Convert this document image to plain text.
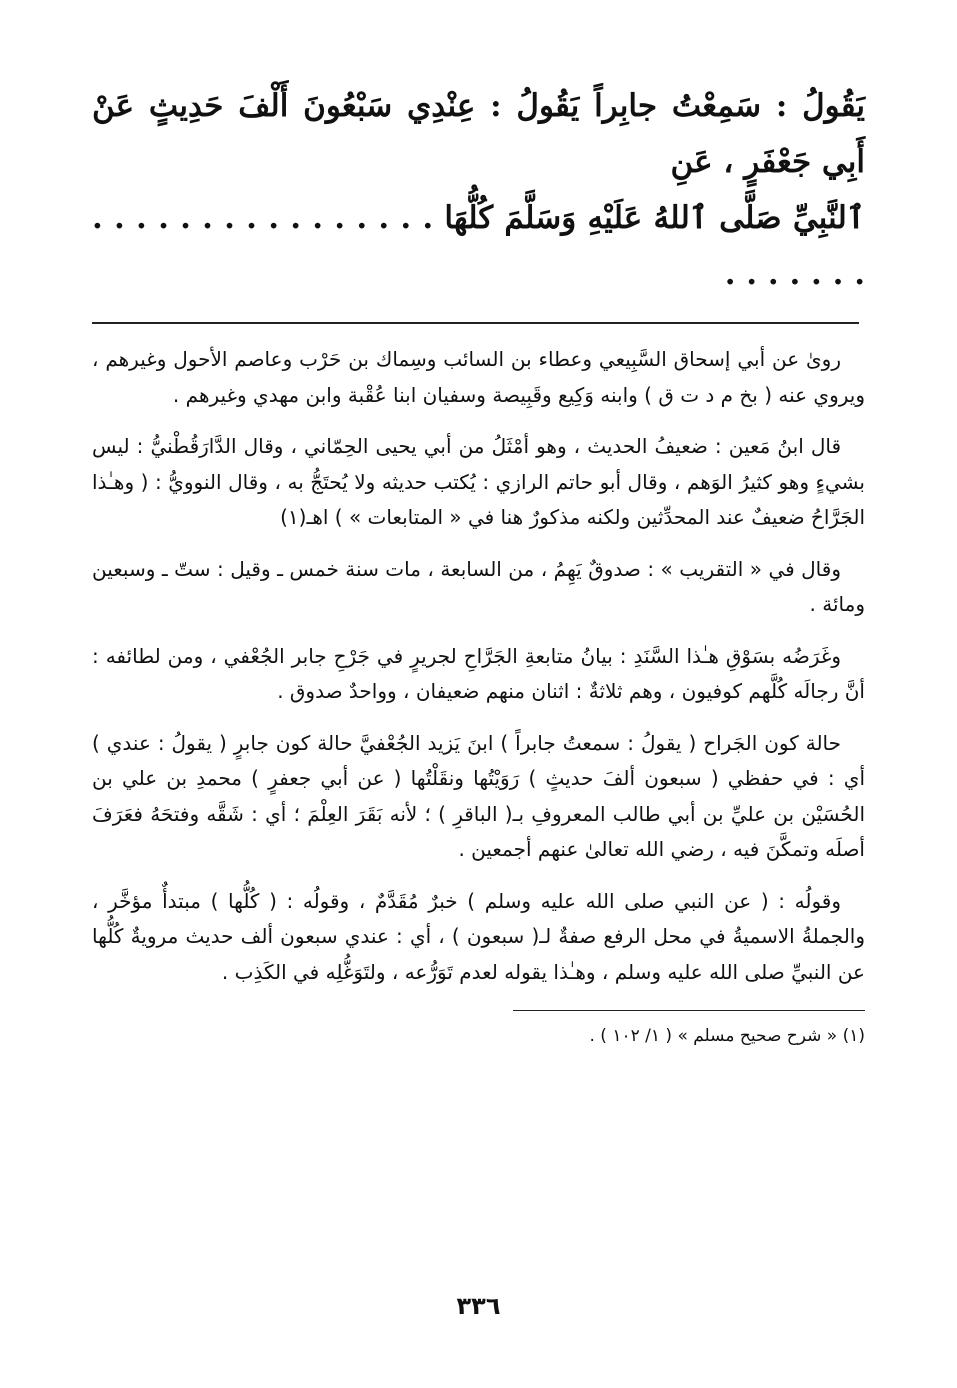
يَقُولُ : سَمِعْتُ جابِراً يَقُولُ : عِنْدِي سَبْعُونَ أَلْفَ حَدِيثٍ عَنْ أَبِي جَعْفَرٍ ، عَنِ

ٱلنَّبِيِّ صَلَّى ٱللهُ عَلَيْهِ وَسَلَّمَ كُلُّهَا . . . . . . . . . . . . . . . . . . . . . . .

روىٰ عن أبي إسحاق السَّبِيعي وعطاء بن السائب وسِماك بن حَرْب وعاصم الأحول وغيرهم ، ويروي عنه ( بخ م د ت ق ) وابنه وَكِيع وقَبِيصة وسفيان ابنا عُقْبة وابن مهدي وغيرهم .

قال ابنُ مَعين : ضعيفُ الحديث ، وهو أمْثَلُ من أبي يحيى الحِمّاني ، وقال الدَّارَقُطْنيُّ : ليس بشيءٍ وهو كثيرُ الوَهم ، وقال أبو حاتم الرازي : يُكتب حديثه ولا يُحتَجُّ به ، وقال النوويُّ : ( وهـٰذا الجَرَّاحُ ضعيفٌ عند المحدِّثين ولكنه مذكورٌ هنا في « المتابعات » ) اهـ(١)

وقال في « التقريب » : صدوقٌ يَهِمُ ، من السابعة ، مات سنة خمس ـ وقيل : ستّ ـ وسبعين ومائة .

وغَرَضُه بسَوْقِ هـٰذا السَّنَدِ : بيانُ متابعةِ الجَرَّاحِ لجريرٍ في جَرْحِ جابر الجُعْفي ، ومن لطائفه : أنَّ رجالَه كُلَّهم كوفيون ، وهم ثلاثةٌ : اثنان منهم ضعيفان ، وواحدٌ صدوق .

حالة كون الجَراح ( يقولُ : سمعتُ جابراً ) ابنَ يَزيد الجُعْفيَّ حالة كون جابرٍ ( يقولُ : عندي ) أي : في حفظي ( سبعون ألفَ حديثٍ ) رَوَيْتُها ونقَلْتُها ( عن أبي جعفرٍ ) محمدِ بن علي بن الحُسَيْن بن عليِّ بن أبي طالب المعروفِ بـ( الباقرِ ) ؛ لأنه بَقَرَ العِلْمَ ؛ أي : شَقَّه وفتحَهُ فعَرَفَ أصلَه وتمكَّنَ فيه ، رضي الله تعالىٰ عنهم أجمعين .

وقولُه : ( عن النبي صلى الله عليه وسلم ) خبرٌ مُقَدَّمٌ ، وقولُه : ( كُلُّها ) مبتدأٌ مؤخَّر ، والجملةُ الاسميةُ في محل الرفع صفةٌ لـ( سبعون ) ، أي : عندي سبعون ألف حديث مرويةٌ كُلُّها عن النبيِّ صلى الله عليه وسلم ، وهـٰذا يقوله لعدم تَوَرُّعه ، ولتَوَغُّلِه في الكَذِب .

(١) « شرح صحيح مسلم » ( ١/ ١٠٢ ) .
٣٣٦
